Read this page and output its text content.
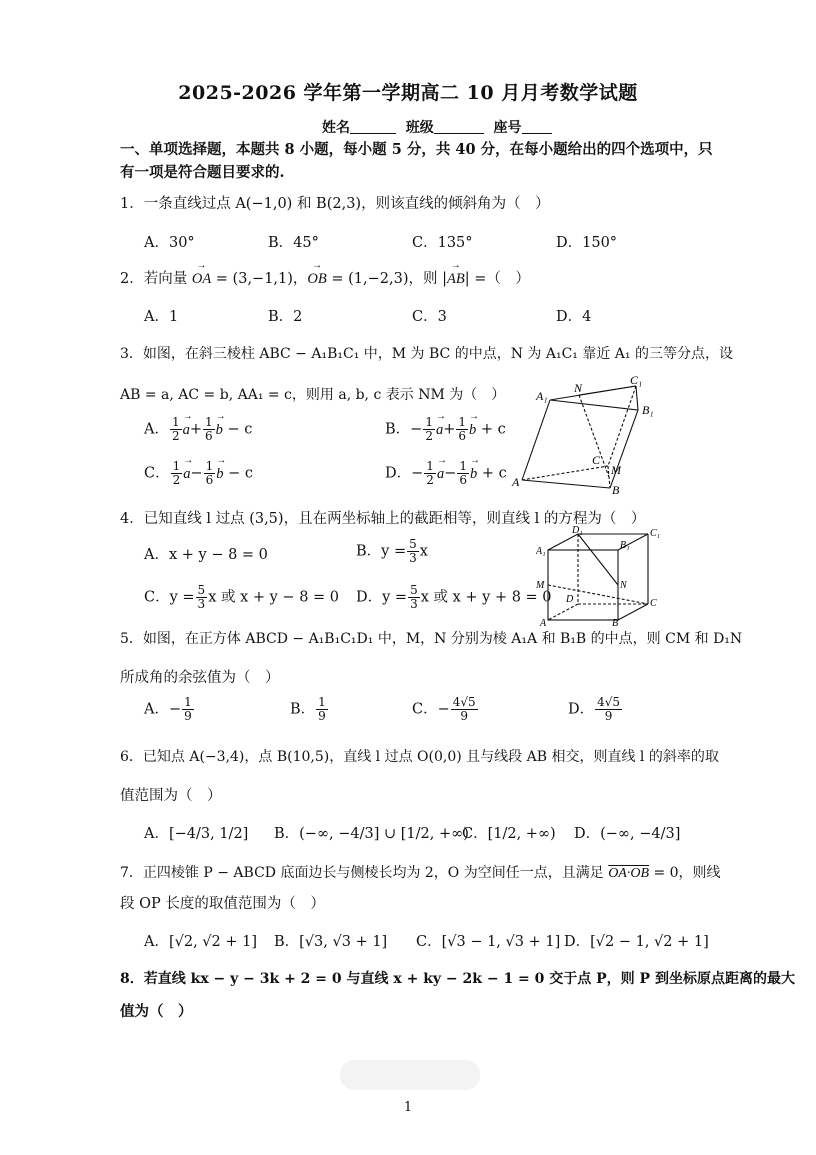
2025-2026 学年第一学期高二 10 月月考数学试题
姓名	班级	座号
一、单项选择题，本题共 8 小题，每小题 5 分，共 40 分，在每小题给出的四个选项中，只
有一项是符合题目要求的.
1．一条直线过点 A(−1,0) 和 B(2,3)，则该直线的倾斜角为（　）
A．30°	B．45°	C．135°	D．150°
2．若向量 → OA = (3,−1,1)，→ OB = (1,−2,3)，则 |→ AB| =（　）
A．1	B．2	C．3	D．4
3．如图，在斜三棱柱 ABC − A₁B₁C₁ 中，M 为 BC 的中点，N 为 A₁C₁ 靠近 A₁ 的三等分点，设
AB = a, AC = b, AA₁ = c，则用 a, b, c 表示 NM 为（　）
A． $\frac{1}{2} \to a+ \frac{1}{6} \to b - c$	B．− $\frac{1}{2} \to a+ \frac{1}{6} \to b + c$
C． $\frac{1}{2} \to a- \frac{1}{6} \to b - c$	D．− $\frac{1}{2} \to a- \frac{1}{6} \to b + c$
N
C₁
A₁
B₁
C
M
A
B
4．已知直线 l 过点 (3,5)，且在两坐标轴上的截距相等，则直线 l 的方程为（　）
A．x + y − 8 = 0	B．$y = \frac{5}{3}$ x
C．$y = \frac{5}{3}$ x 或 x + y − 8 = 0 D．$y = \frac{5}{3}$ x 或 x + y + 8 = 0
D₁	C₁
A₁
B₁
M	N
D	C
A	B
5．如图，在正方体 ABCD − A₁B₁C₁D₁ 中，M，N 分别为棱 A₁A 和 B₁B 的中点，则 CM 和 D₁N
所成角的余弦值为（　）
A．− $\frac{1}{9}$	B． $\frac{1}{9}$	C．− $\frac{4√5}{9}$	D． $\frac{4√5}{9}$
6．已知点 A(−3,4)，点 B(10,5)，直线 l 过点 O(0,0) 且与线段 AB 相交，则直线 l 的斜率的取
值范围为（　）
A．[−4/3, 1/2] B．(−∞, −4/3] ∪ [1/2, +∞)
C．[1/2, +∞) D．(−∞, −4/3]
7．正四棱锥 P − ABCD 底面边长与侧棱长均为 2，O 为空间任一点，且满足 OA·OB = 0，则线
段 OP 长度的取值范围为（　）
A．[√2, √2 + 1] B．[√3, √3 + 1] C．[√3 − 1, √3 + 1] D．[√2 − 1, √2 + 1]
8．若直线 kx − y − 3k + 2 = 0 与直线 x + ky − 2k − 1 = 0 交于点 P，则 P 到坐标原点距离的最大
值为（　）
1
